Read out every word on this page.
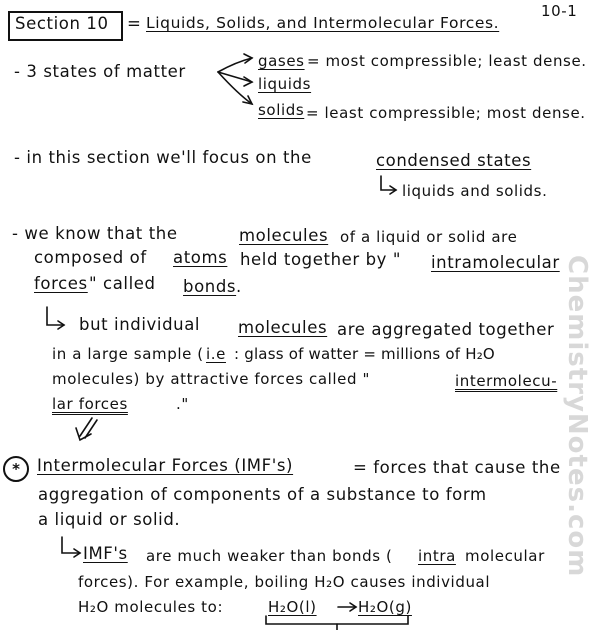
Section 10 = Liquids, Solids, and Intermolecular Forces.
10-1
- 3 states of matter
gases = most compressible; least dense.
liquids
solids = least compressible; most dense.
- in this section we'll focus on the	condensed states
liquids and solids.
- we know that the	molecules of a liquid or solid are
composed of atoms held together by " intramolecular
forces " called bonds .
but individual molecules are aggregated together
in a large sample ( i.e : glass of watter = millions of H₂O
molecules) by attractive forces called "	intermolecu-
lar forces	."
*	Intermolecular Forces (IMF's)	= forces that cause the
aggregation of components of a substance to form
a liquid or solid.
IMF's are much weaker than bonds ( intra molecular
forces). For example, boiling H₂O causes individual
H₂O molecules to:	H₂O(l)	H₂O(g)
ChemistryNotes.com
